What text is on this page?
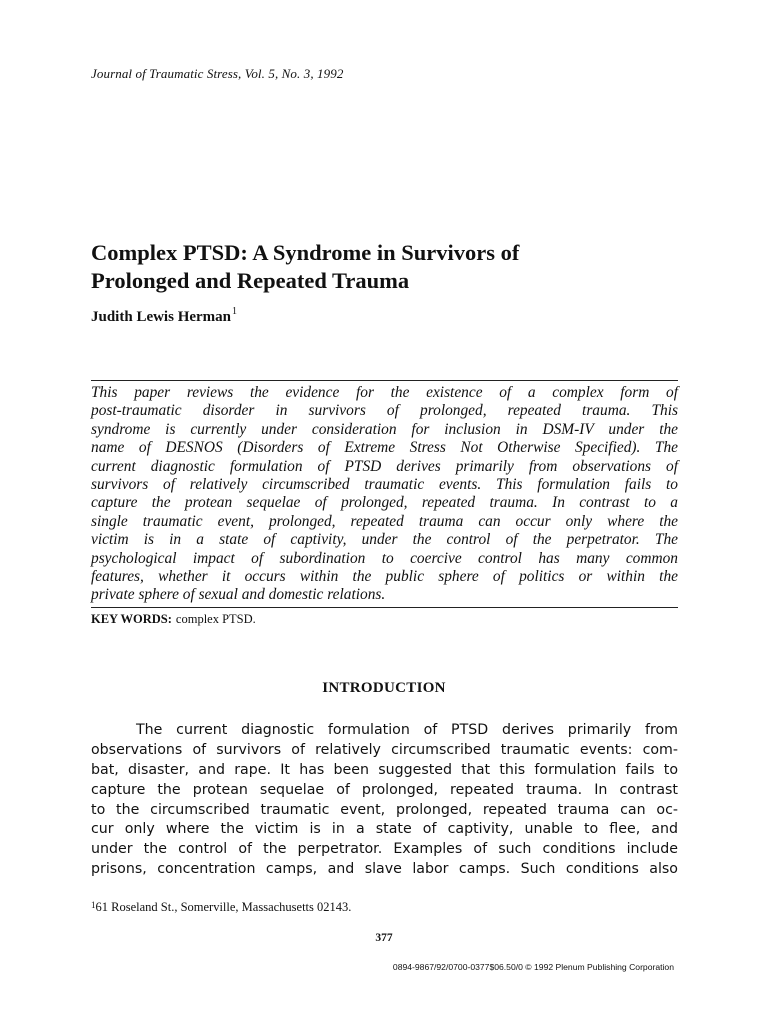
Journal of Traumatic Stress, Vol. 5, No. 3, 1992
Complex PTSD: A Syndrome in Survivors of
Prolonged and Repeated Trauma
Judith Lewis Herman$^1$
This paper reviews the evidence for the existence of a complex form of
post-traumatic disorder in survivors of prolonged, repeated trauma. This
syndrome is currently under consideration for inclusion in DSM-IV under the
name of DESNOS (Disorders of Extreme Stress Not Otherwise Specified). The
current diagnostic formulation of PTSD derives primarily from observations of
survivors of relatively circumscribed traumatic events. This formulation fails to
capture the protean sequelae of prolonged, repeated trauma. In contrast to a
single traumatic event, prolonged, repeated trauma can occur only where the
victim is in a state of captivity, under the control of the perpetrator. The
psychological impact of subordination to coercive control has many common
features, whether it occurs within the public sphere of politics or within the
private sphere of sexual and domestic relations.
KEY WORDS: complex PTSD.
INTRODUCTION
The current diagnostic formulation of PTSD derives primarily from
observations of survivors of relatively circumscribed traumatic events: com-
bat, disaster, and rape. It has been suggested that this formulation fails to
capture the protean sequelae of prolonged, repeated trauma. In contrast
to the circumscribed traumatic event, prolonged, repeated trauma can oc-
cur only where the victim is in a state of captivity, unable to flee, and
under the control of the perpetrator. Examples of such conditions include
prisons, concentration camps, and slave labor camps. Such conditions also
$^1$61 Roseland St., Somerville, Massachusetts 02143.
377
0894-9867/92/0700-0377$06.50/0 © 1992 Plenum Publishing Corporation
